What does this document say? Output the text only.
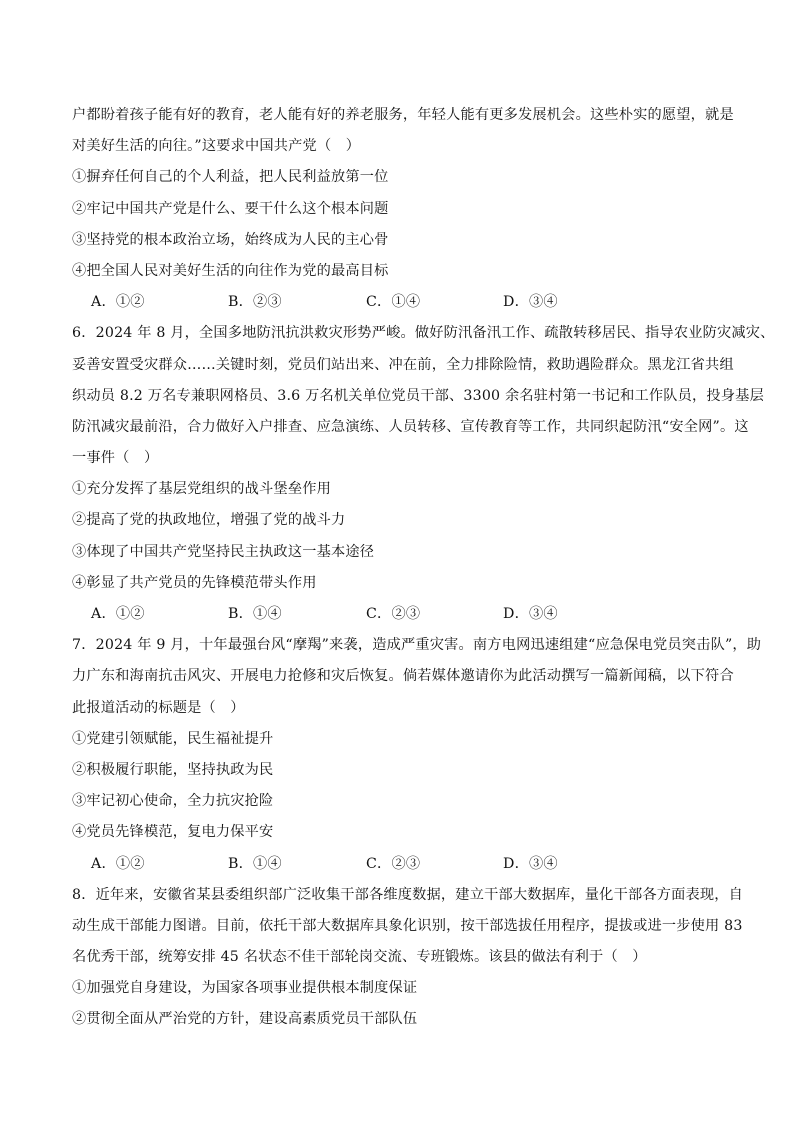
户都盼着孩子能有好的教育，老人能有好的养老服务，年轻人能有更多发展机会。这些朴实的愿望，就是
对美好生活的向往。”这要求中国共产党（　）
①摒弃任何自己的个人利益，把人民利益放第一位
②牢记中国共产党是什么、要干什么这个根本问题
③坚持党的根本政治立场，始终成为人民的主心骨
④把全国人民对美好生活的向往作为党的最高目标
A．①②	B．②③	C．①④	D．③④
6．2024 年 8 月，全国多地防汛抗洪救灾形势严峻。做好防汛备汛工作、疏散转移居民、指导农业防灾减灾、
妥善安置受灾群众……关键时刻，党员们站出来、冲在前，全力排除险情，救助遇险群众。黑龙江省共组
织动员 8.2 万名专兼职网格员、3.6 万名机关单位党员干部、3300 余名驻村第一书记和工作队员，投身基层
防汛减灾最前沿，合力做好入户排查、应急演练、人员转移、宣传教育等工作，共同织起防汛“安全网”。这
一事件（　）
①充分发挥了基层党组织的战斗堡垒作用
②提高了党的执政地位，增强了党的战斗力
③体现了中国共产党坚持民主执政这一基本途径
④彰显了共产党员的先锋模范带头作用
A．①②	B．①④	C．②③	D．③④
7．2024 年 9 月，十年最强台风“摩羯”来袭，造成严重灾害。南方电网迅速组建“应急保电党员突击队”，助
力广东和海南抗击风灾、开展电力抢修和灾后恢复。倘若媒体邀请你为此活动撰写一篇新闻稿，以下符合
此报道活动的标题是（　）
①党建引领赋能，民生福祉提升
②积极履行职能，坚持执政为民
③牢记初心使命，全力抗灾抢险
④党员先锋模范，复电力保平安
A．①②	B．①④	C．②③	D．③④
8．近年来，安徽省某县委组织部广泛收集干部各维度数据，建立干部大数据库，量化干部各方面表现，自
动生成干部能力图谱。目前，依托干部大数据库具象化识别，按干部选拔任用程序，提拔或进一步使用 83
名优秀干部，统筹安排 45 名状态不佳干部轮岗交流、专班锻炼。该县的做法有利于（　）
①加强党自身建设，为国家各项事业提供根本制度保证
②贯彻全面从严治党的方针，建设高素质党员干部队伍
